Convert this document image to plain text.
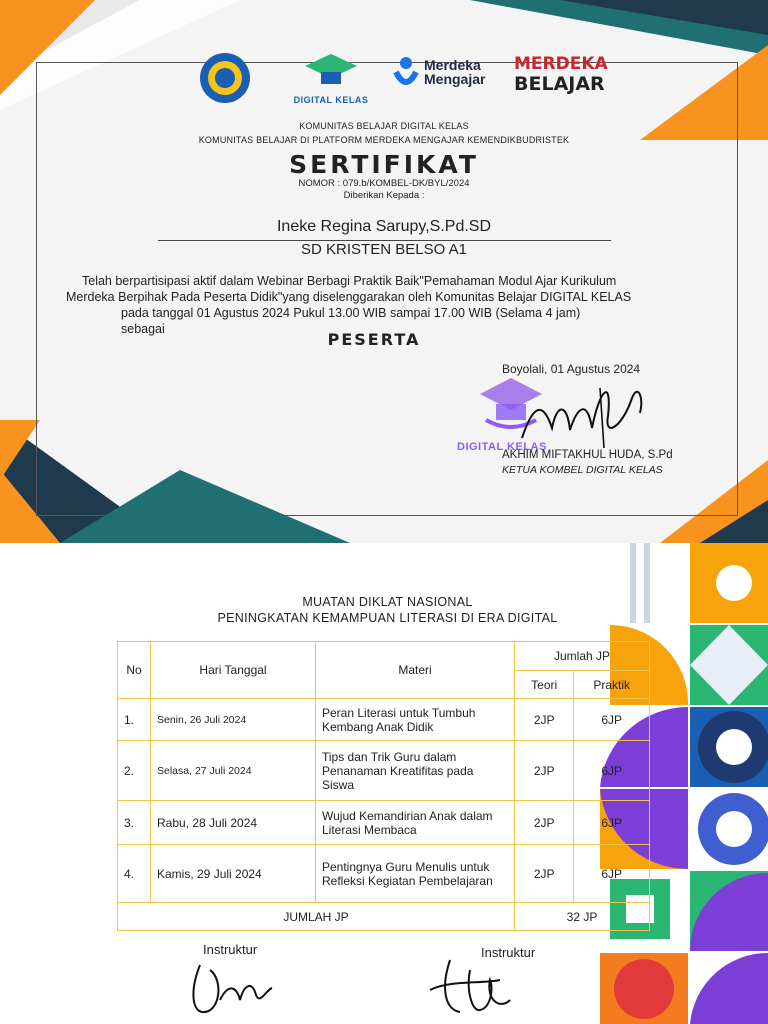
DIGITAL KELAS
Merdeka
Mengajar
MERDEKA
BELAJAR
KOMUNITAS BELAJAR DIGITAL KELAS
KOMUNITAS BELAJAR DI PLATFORM MERDEKA MENGAJAR KEMENDIKBUDRISTEK
SERTIFIKAT
NOMOR : 079.b/KOMBEL-DK/BYL/2024
Diberikan Kepada :
Ineke Regina Sarupy,S.Pd.SD
SD KRISTEN BELSO A1
Telah berpartisipasi aktif dalam Webinar Berbagi Praktik Baik"Pemahaman Modul Ajar Kurikulum
Merdeka Berpihak Pada Peserta Didik"yang diselenggarakan oleh Komunitas Belajar DIGITAL KELAS
pada tanggal 01 Agustus 2024 Pukul 13.00 WIB sampai 17.00 WIB (Selama 4 jam)
sebagai
PESERTA
Boyolali, 01 Agustus 2024
DIGITAL KELAS
AKHIM MIFTAKHUL HUDA, S.Pd
KETUA KOMBEL DIGITAL KELAS
MUATAN DIKLAT NASIONAL
PENINGKATAN KEMAMPUAN LITERASI DI ERA DIGITAL
No	Hari Tanggal	Materi	Jumlah JP	
			Teori	Praktik
1.	Senin, 26 Juli 2024	Peran Literasi untuk Tumbuh Kembang Anak Didik	2JP	6JP
2.	Selasa, 27 Juli 2024	Tips dan Trik Guru dalam Penanaman Kreatifitas pada Siswa	2JP	6JP
3.	Rabu, 28 Juli 2024	Wujud Kemandirian Anak dalam Literasi Membaca	2JP	6JP
4.	Kamis, 29 Juli 2024	Pentingnya Guru Menulis untuk Refleksi Kegiatan Pembelajaran	2JP	6JP
JUMLAH JP			32 JP	
Instruktur	Instruktur
